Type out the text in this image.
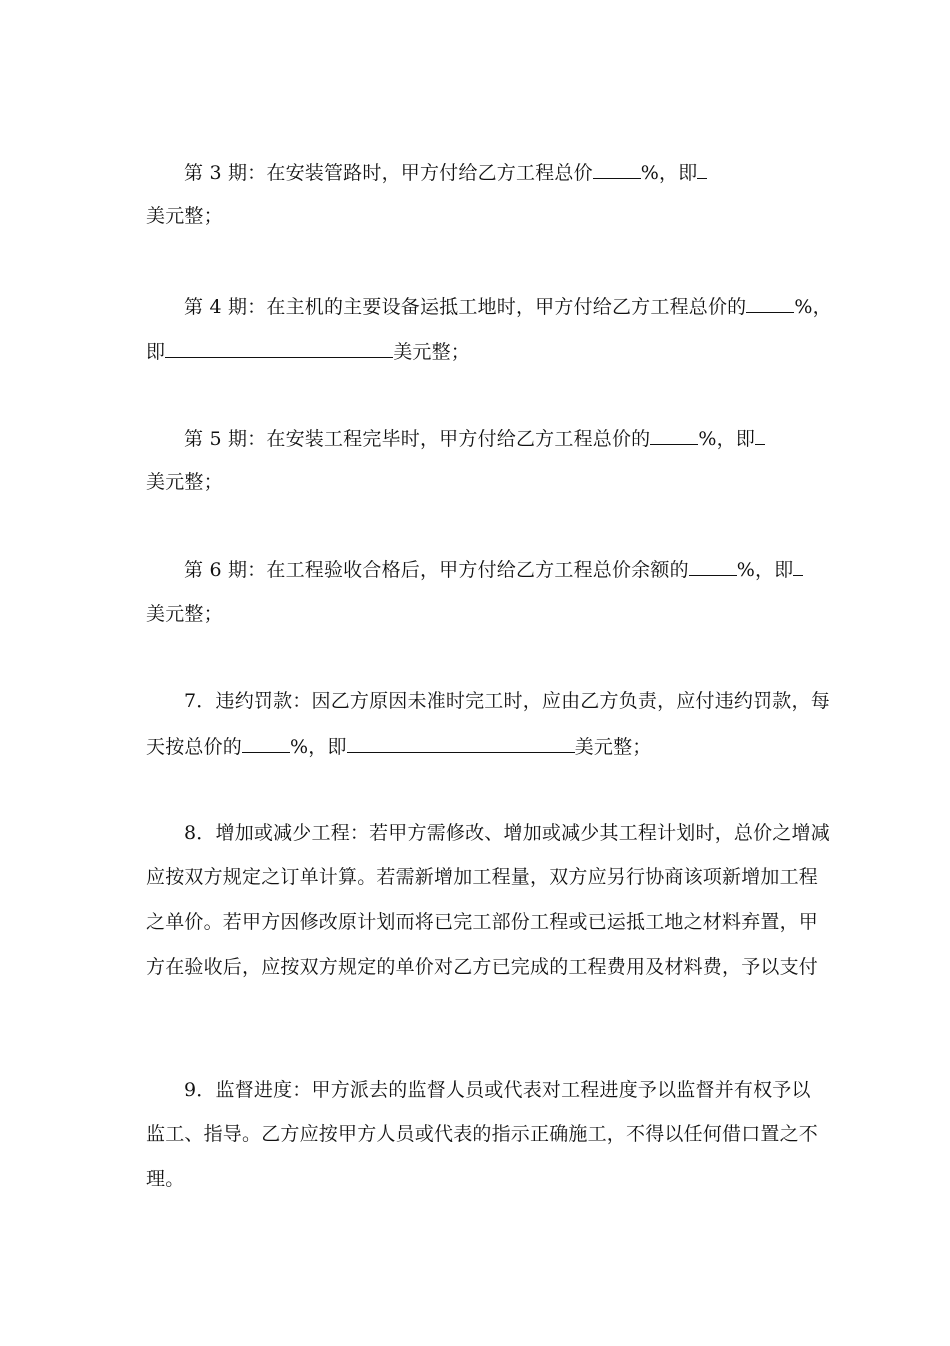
第 3 期：在安装管路时，甲方付给乙方工程总价	%，即
美元整；
第 4 期：在主机的主要设备运抵工地时，甲方付给乙方工程总价的	%，
即	美元整；
第 5 期：在安装工程完毕时，甲方付给乙方工程总价的	%，即
美元整；
第 6 期：在工程验收合格后，甲方付给乙方工程总价余额的	%，即
美元整；
7．违约罚款：因乙方原因未准时完工时，应由乙方负责，应付违约罚款，每
天按总价的	%，即	美元整；
8．增加或减少工程：若甲方需修改、增加或减少其工程计划时，总价之增减
应按双方规定之订单计算。若需新增加工程量，双方应另行协商该项新增加工程
之单价。若甲方因修改原计划而将已完工部份工程或已运抵工地之材料弃置，甲
方在验收后，应按双方规定的单价对乙方已完成的工程费用及材料费，予以支付
9．监督进度：甲方派去的监督人员或代表对工程进度予以监督并有权予以
监工、指导。乙方应按甲方人员或代表的指示正确施工，不得以任何借口置之不
理。
